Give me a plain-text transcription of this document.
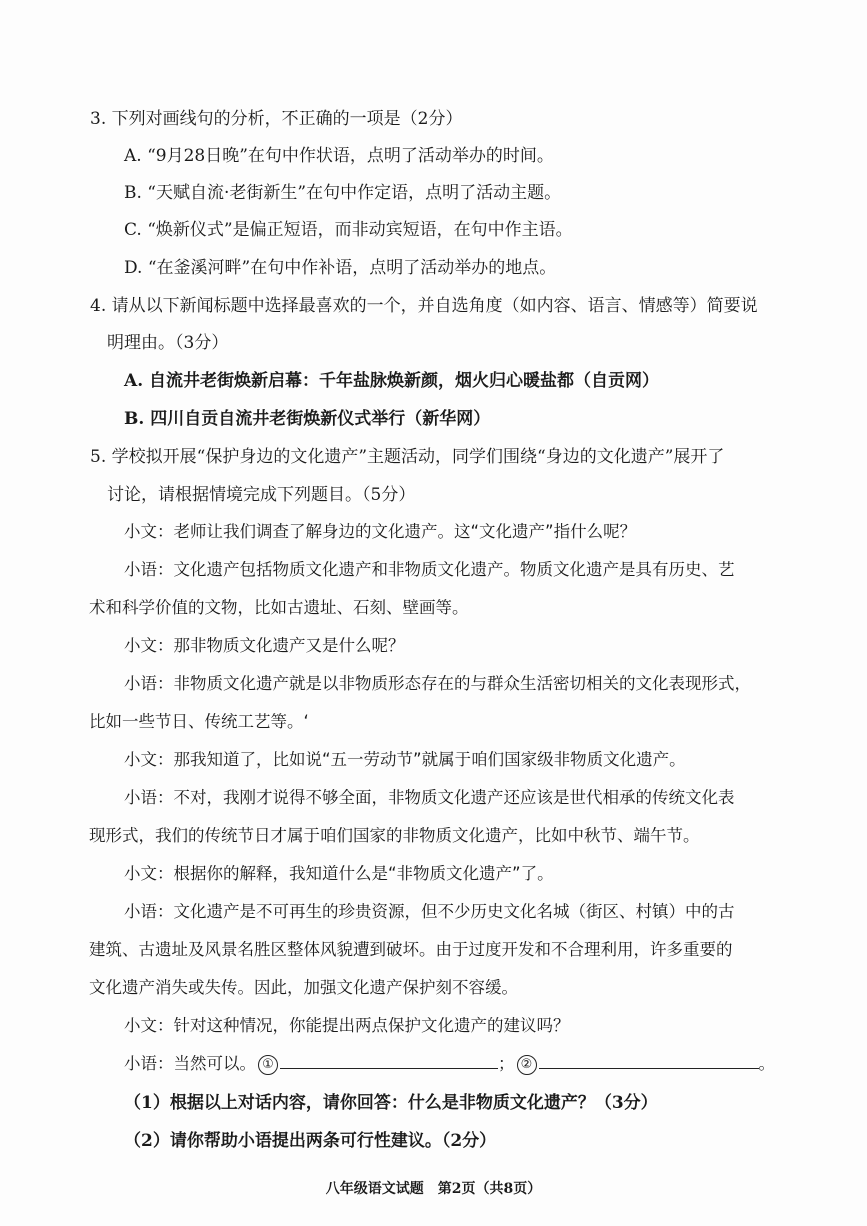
3. 下列对画线句的分析，不正确 · · ·的一项是（2分）
A. “9月28日晚”在句中作状语，点明了活动举办的时间。
B. “天赋自流·老街新生”在句中作定语，点明了活动主题。
C. “焕新仪式”是偏正短语，而非动宾短语，在句中作主语。
D. “在釜溪河畔”在句中作补语，点明了活动举办的地点。
4. 请从以下新闻标题中选择最喜欢的一个，并自选角度（如内容、语言、情感等）简要说
明理由。（3分）
A. 自流井老街焕新启幕：千年盐脉焕新颜，烟火归心暖盐都（自贡网）
B. 四川自贡自流井老街焕新仪式举行（新华网）
5. 学校拟开展“保护身边的文化遗产”主题活动，同学们围绕“身边的文化遗产”展开了
讨论，请根据情境完成下列题目。（5分）
小文：老师让我们调查了解身边的文化遗产。这“文化遗产”指什么呢？
小语：文化遗产包括物质文化遗产和非物质文化遗产。物质文化遗产是具有历史、艺
术和科学价值的文物，比如古遗址、石刻、壁画等。
小文：那非物质文化遗产又是什么呢？
小语：非物质文化遗产就是以非物质形态存在的与群众生活密切相关的文化表现形式，
比如一些节日、传统工艺等。‘
小文：那我知道了，比如说“五一劳动节”就属于咱们国家级非物质文化遗产。
小语：不对，我刚才说得不够全面，非物质文化遗产还应该是世代相承的传统文化表
现形式，我们的传统节日才属于咱们国家的非物质文化遗产，比如中秋节、端午节。
小文：根据你的解释，我知道什么是“非物质文化遗产”了。
小语：文化遗产是不可再生的珍贵资源，但不少历史文化名城（街区、村镇）中的古
建筑、古遗址及风景名胜区整体风貌遭到破坏。由于过度开发和不合理利用，许多重要的
文化遗产消失或失传。因此，加强文化遗产保护刻不容缓。
小文：针对这种情况，你能提出两点保护文化遗产的建议吗？
小语：当然可以。 ①	； ②	。
（1）根据以上对话内容，请你回答：什么是非物质文化遗产？（3分）
（2）请你帮助小语提出两条可行性建议。（2分）
八年级语文试题　第2页（共8页）
